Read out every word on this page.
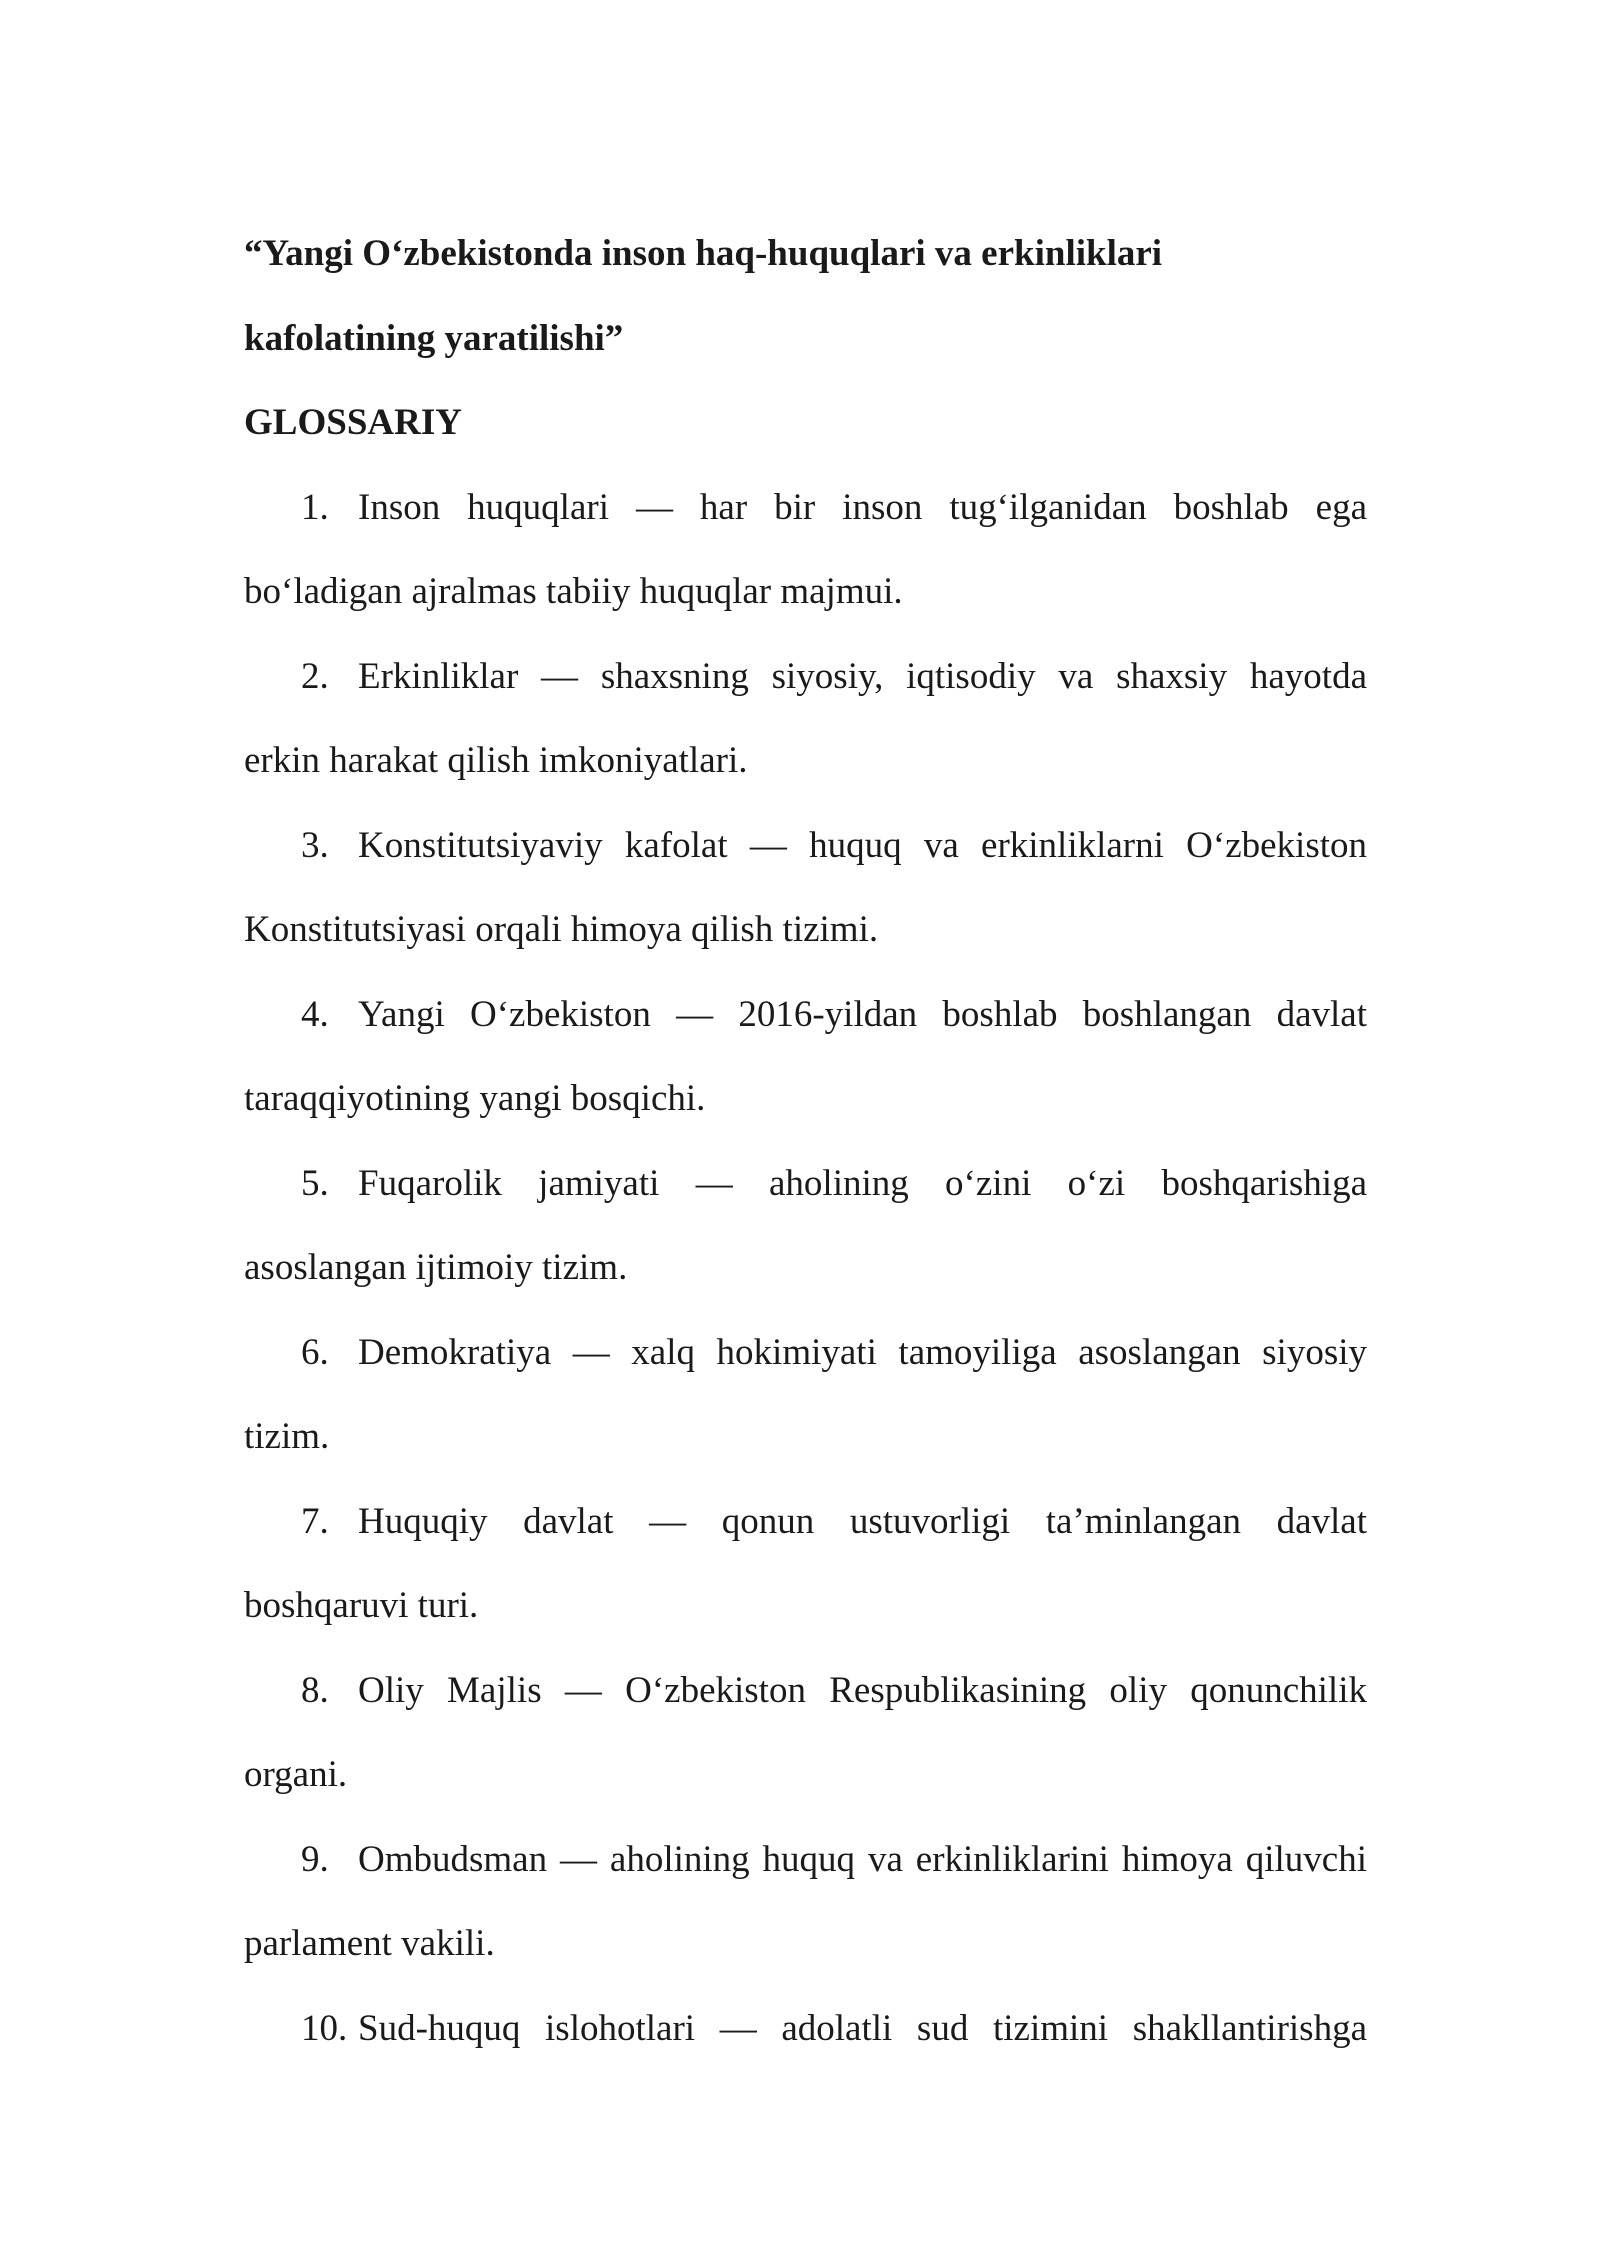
“Yangi O‘zbekistonda inson haq-huquqlari va erkinliklari
kafolatining yaratilishi”
GLOSSARIY
1. Inson huquqlari — har bir inson tug‘ilganidan boshlab ega
bo‘ladigan ajralmas tabiiy huquqlar majmui.
2. Erkinliklar — shaxsning siyosiy, iqtisodiy va shaxsiy hayotda
erkin harakat qilish imkoniyatlari.
3. Konstitutsiyaviy kafolat — huquq va erkinliklarni O‘zbekiston
Konstitutsiyasi orqali himoya qilish tizimi.
4. Yangi O‘zbekiston — 2016-yildan boshlab boshlangan davlat
taraqqiyotining yangi bosqichi.
5. Fuqarolik jamiyati — aholining o‘zini o‘zi boshqarishiga
asoslangan ijtimoiy tizim.
6. Demokratiya — xalq hokimiyati tamoyiliga asoslangan siyosiy
tizim.
7. Huquqiy davlat — qonun ustuvorligi ta’minlangan davlat
boshqaruvi turi.
8. Oliy Majlis — O‘zbekiston Respublikasining oliy qonunchilik
organi.
9. Ombudsman — aholining huquq va erkinliklarini himoya qiluvchi
parlament vakili.
10. Sud-huquq islohotlari — adolatli sud tizimini shakllantirishga
